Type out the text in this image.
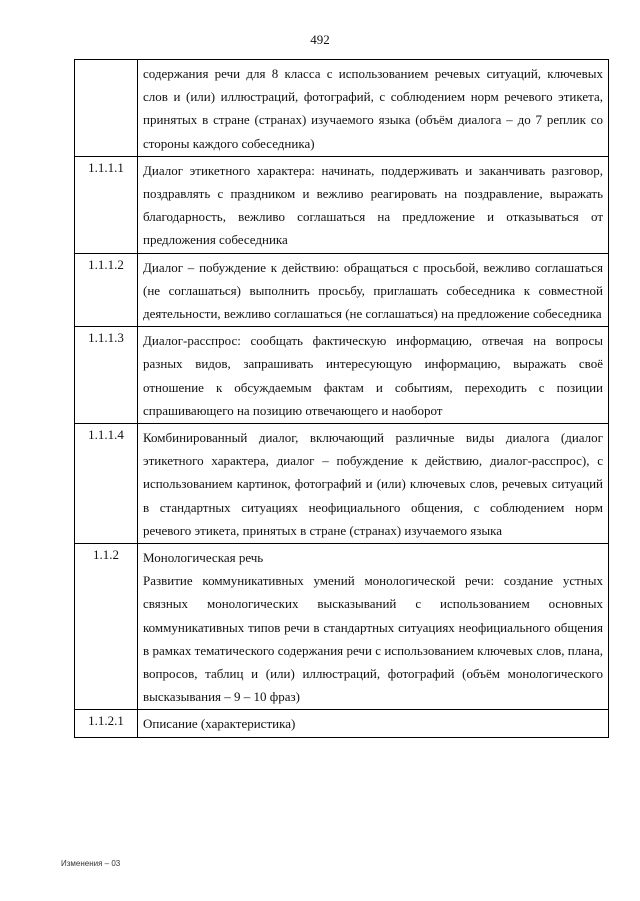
492

	содержания речи для 8 класса с использованием речевых ситуаций, ключевых слов и (или) иллюстраций, фотографий, с соблюдением норм речевого этикета, принятых в стране (странах) изучаемого языка (объём диалога – до 7 реплик со стороны каждого собеседника)

1.1.1.1	Диалог этикетного характера: начинать, поддерживать и заканчивать разговор, поздравлять с праздником и вежливо реагировать на поздравление, выражать благодарность, вежливо соглашаться на предложение и отказываться от предложения собеседника

1.1.1.2	Диалог – побуждение к действию: обращаться с просьбой, вежливо соглашаться (не соглашаться) выполнить просьбу, приглашать собеседника к совместной деятельности, вежливо соглашаться (не соглашаться) на предложение собеседника

1.1.1.3	Диалог-расспрос: сообщать фактическую информацию, отвечая на вопросы разных видов, запрашивать интересующую информацию, выражать своё отношение к обсуждаемым фактам и событиям, переходить с позиции спрашивающего на позицию отвечающего и наоборот

1.1.1.4	Комбинированный диалог, включающий различные виды диалога (диалог этикетного характера, диалог – побуждение к действию, диалог-расспрос), с использованием картинок, фотографий и (или) ключевых слов, речевых ситуаций в стандартных ситуациях неофициального общения, с соблюдением норм речевого этикета, принятых в стране (странах) изучаемого языка

1.1.2	Монологическая речь

Развитие коммуникативных умений монологической речи: создание устных связных монологических высказываний с использованием основных коммуникативных типов речи в стандартных ситуациях неофициального общения в рамках тематического содержания речи с использованием ключевых слов, плана, вопросов, таблиц и (или) иллюстраций, фотографий (объём монологического высказывания – 9 – 10 фраз)

1.1.2.1	Описание (характеристика)

Изменения – 03
